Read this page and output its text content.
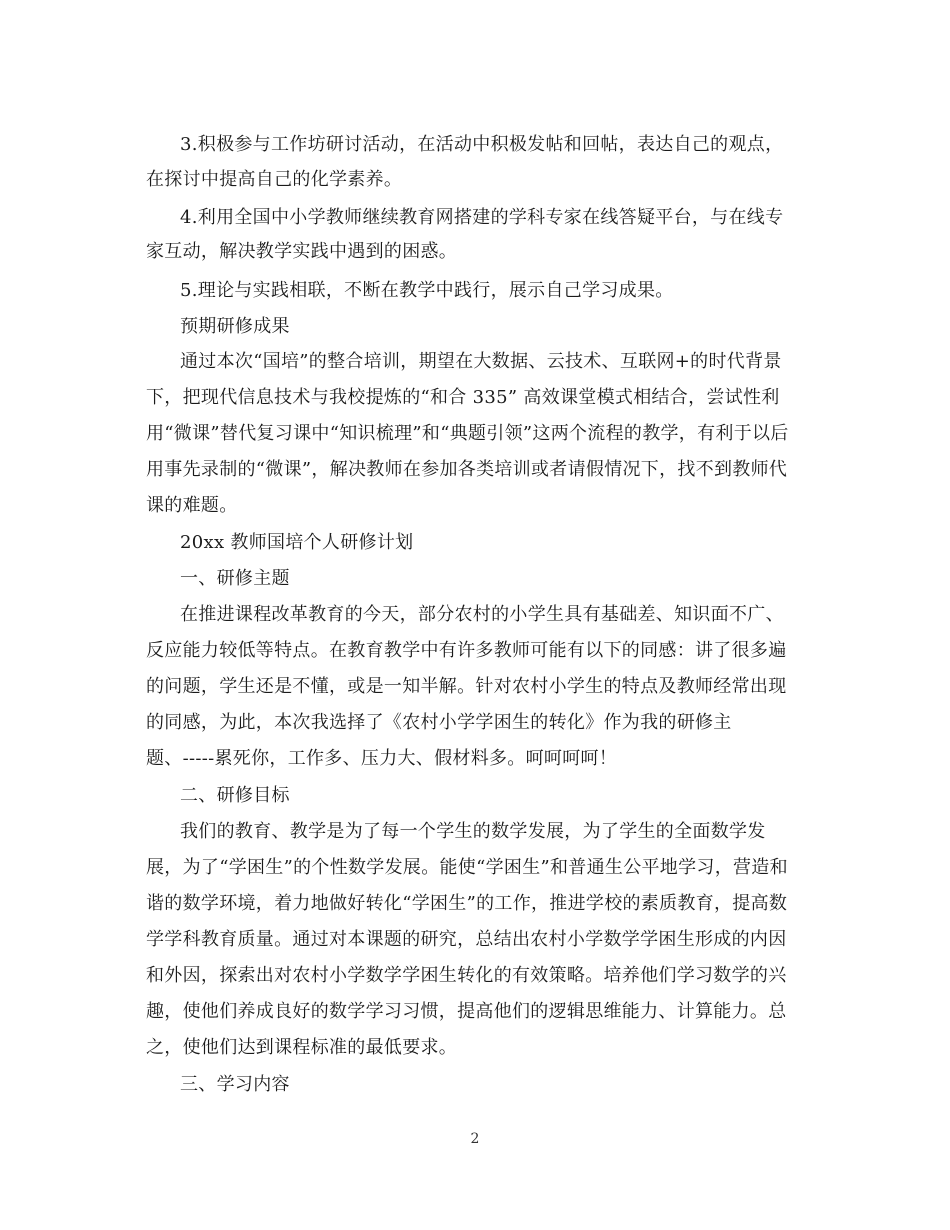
3.积极参与工作坊研讨活动，在活动中积极发帖和回帖，表达自己的观点，
在探讨中提高自己的化学素养。
4.利用全国中小学教师继续教育网搭建的学科专家在线答疑平台，与在线专
家互动，解决教学实践中遇到的困惑。
5.理论与实践相联，不断在教学中践行，展示自己学习成果。
预期研修成果
通过本次“国培”的整合培训，期望在大数据、云技术、互联网+的时代背景
下，把现代信息技术与我校提炼的“和合 335” 高效课堂模式相结合，尝试性利
用“微课”替代复习课中“知识梳理”和“典题引领”这两个流程的教学，有利于以后
用事先录制的“微课”，解决教师在参加各类培训或者请假情况下，找不到教师代
课的难题。
20xx 教师国培个人研修计划
一、研修主题
在推进课程改革教育的今天，部分农村的小学生具有基础差、知识面不广、
反应能力较低等特点。在教育教学中有许多教师可能有以下的同感：讲了很多遍
的问题，学生还是不懂，或是一知半解。针对农村小学生的特点及教师经常出现
的同感，为此，本次我选择了《农村小学学困生的转化》作为我的研修主
题、-----累死你，工作多、压力大、假材料多。呵呵呵呵！
二、研修目标
我们的教育、教学是为了每一个学生的数学发展，为了学生的全面数学发
展，为了“学困生”的个性数学发展。能使“学困生”和普通生公平地学习，营造和
谐的数学环境，着力地做好转化“学困生”的工作，推进学校的素质教育，提高数
学学科教育质量。通过对本课题的研究，总结出农村小学数学学困生形成的内因
和外因，探索出对农村小学数学学困生转化的有效策略。培养他们学习数学的兴
趣，使他们养成良好的数学学习习惯，提高他们的逻辑思维能力、计算能力。总
之，使他们达到课程标准的最低要求。
三、学习内容
2
